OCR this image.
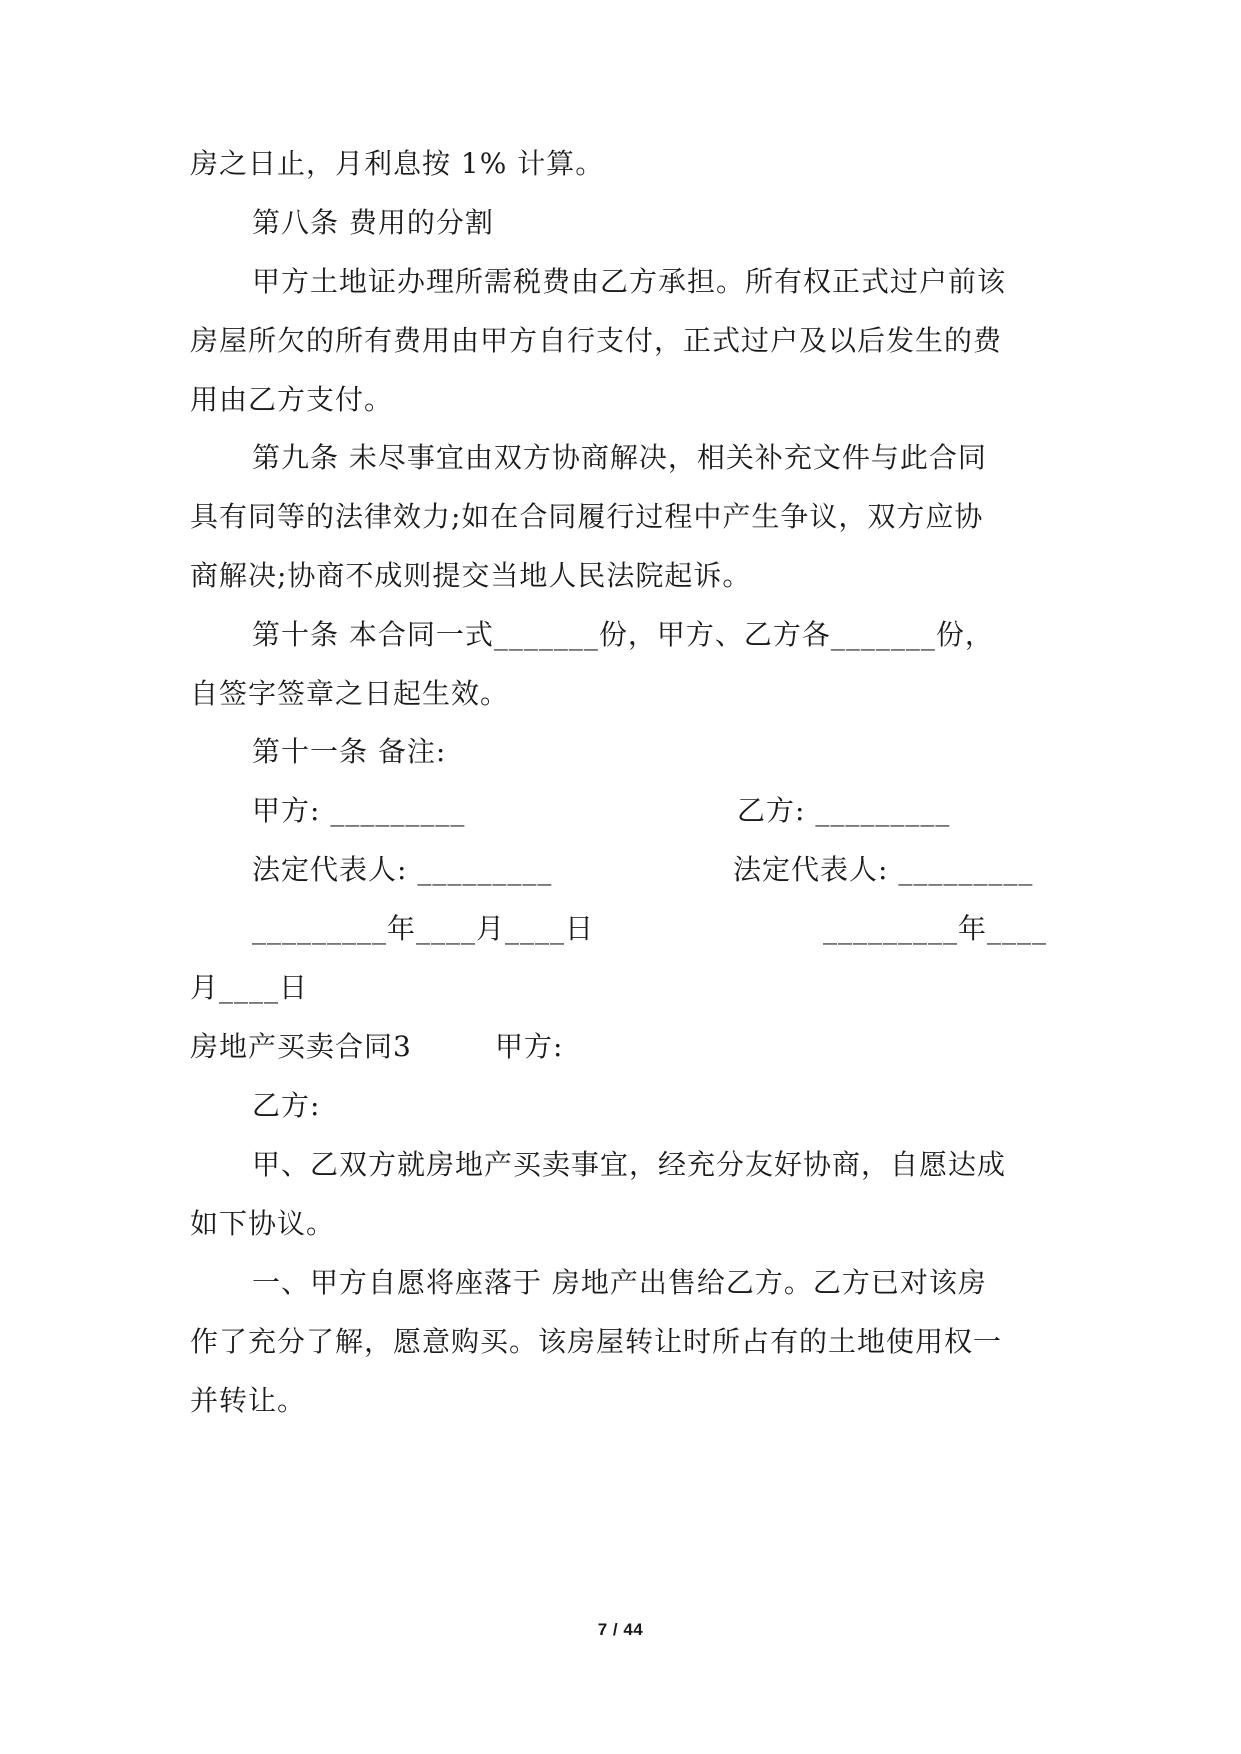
房之日止，月利息按 1% 计算。
第八条 费用的分割
甲方土地证办理所需税费由乙方承担。所有权正式过户前该
房屋所欠的所有费用由甲方自行支付，正式过户及以后发生的费
用由乙方支付。
第九条 未尽事宜由双方协商解决，相关补充文件与此合同
具有同等的法律效力;如在合同履行过程中产生争议，双方应协
商解决;协商不成则提交当地人民法院起诉。
第十条 本合同一式_______份，甲方、乙方各_______份，
自签字签章之日起生效。
第十一条 备注:
甲方: _________	乙方: _________
法定代表人: _________	法定代表人: _________
_________年____月____日	_________年____
月____日
房地产买卖合同3	甲方:
乙方:
甲、乙双方就房地产买卖事宜，经充分友好协商，自愿达成
如下协议。
一、甲方自愿将座落于 房地产出售给乙方。乙方已对该房
作了充分了解，愿意购买。该房屋转让时所占有的土地使用权一
并转让。
7 / 44
